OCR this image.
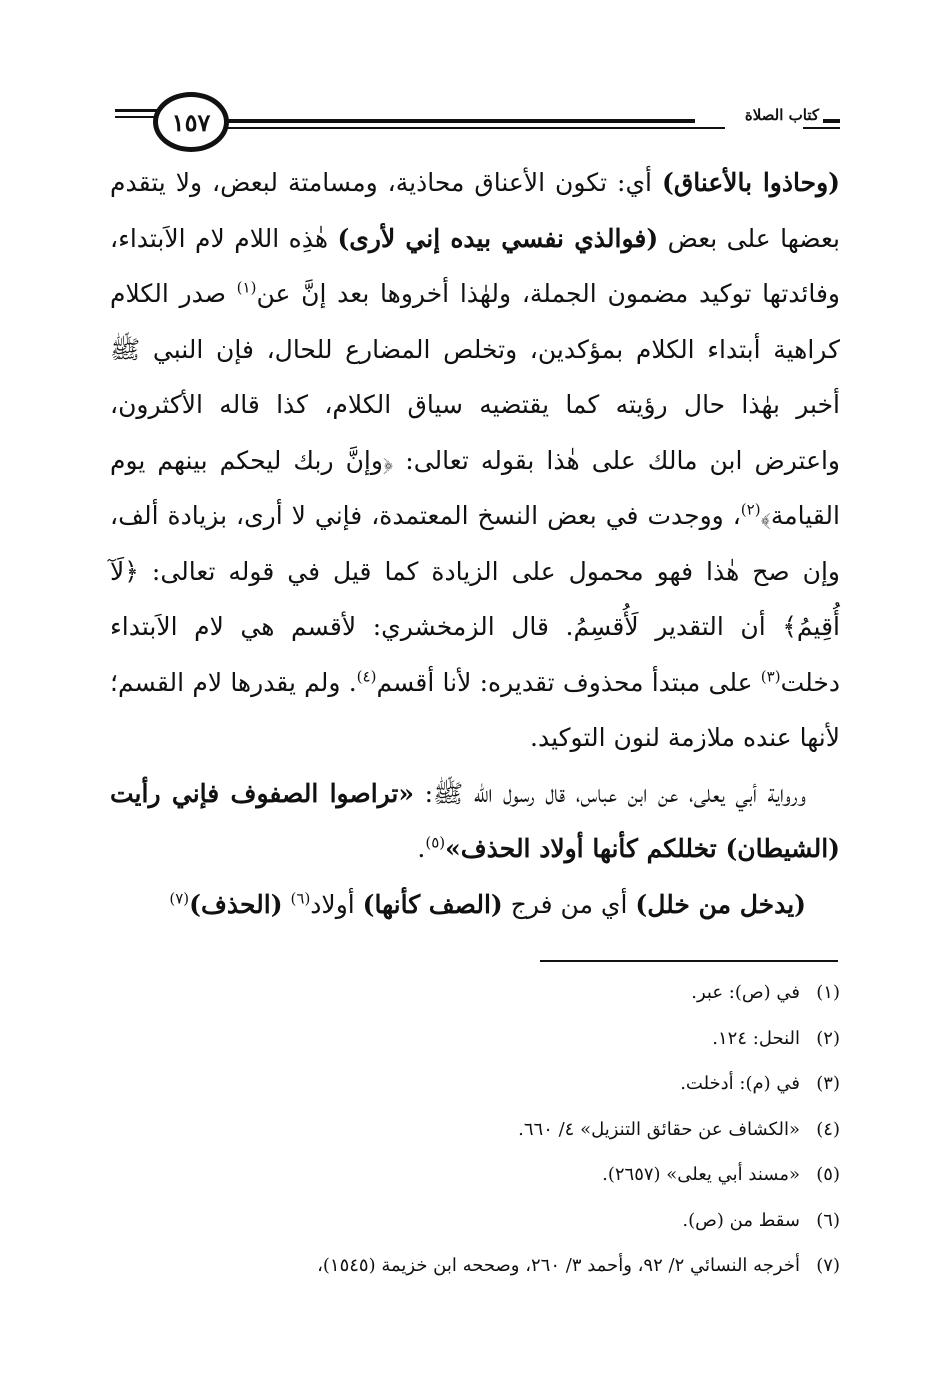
١٥٧	كتاب الصلاة

(وحاذوا بالأعناق) أي: تكون الأعناق محاذية، ومسامتة لبعض، ولا يتقدم بعضها على بعض (فوالذي نفسي بيده إني لأرى) هٰذِه اللام لام الاَبتداء، وفائدتها توكيد مضمون الجملة، ولهٰذا أخروها بعد إنَّ عن$^{(١)}$ صدر الكلام كراهية أبتداء الكلام بمؤكدين، وتخلص المضارع للحال، فإن النبي ﷺ أخبر بهٰذا حال رؤيته كما يقتضيه سياق الكلام، كذا قاله الأكثرون، واعترض ابن مالك على هٰذا بقوله تعالى: ﴿وإنَّ ربك ليحكم بينهم يوم القيامة﴾$^{(٢)}$، ووجدت في بعض النسخ المعتمدة، فإني لا أرى، بزيادة ألف، وإن صح هٰذا فهو محمول على الزيادة كما قيل في قوله تعالى: ﴿لَآ أُقِيمُ﴾ أن التقدير لَأُقسِمُ. قال الزمخشري: لأقسم هي لام الاَبتداء دخلت$^{(٣)}$ على مبتدأ محذوف تقديره: لأنا أقسم$^{(٤)}$. ولم يقدرها لام القسم؛ لأنها عنده ملازمة لنون التوكيد.

ورواية أبي يعلى، عن ابن عباس، قال رسول الله ﷺ: «تراصوا الصفوف فإني رأيت (الشيطان) تخللكم كأنها أولاد الحذف»$^{(٥)}$.

(يدخل من خلل) أي من فرج (الصف كأنها) أولاد$^{(٦)}$ (الحذف)$^{(٧)}$

(١)
في (ص): عبر.
(٢)
النحل: ١٢٤.
(٣)
في (م): أدخلت.
(٤)
«الكشاف عن حقائق التنزيل» ٤/ ٦٦٠.
(٥)
«مسند أبي يعلى» (٢٦٥٧).
(٦)
سقط من (ص).
(٧)
أخرجه النسائي ٢/ ٩٢، وأحمد ٣/ ٢٦٠، وصححه ابن خزيمة (١٥٤٥)،
